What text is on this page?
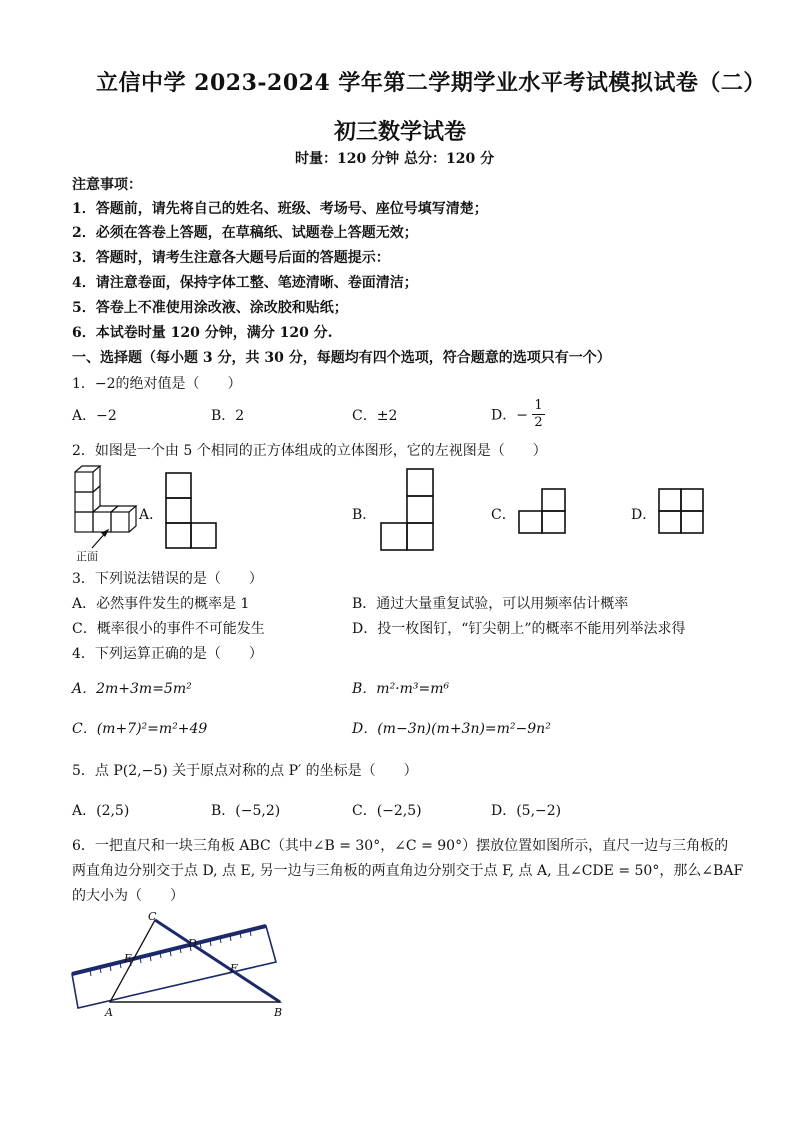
立信中学 2023-2024 学年第二学期学业水平考试模拟试卷（二）
初三数学试卷
时量：120 分钟 总分：120 分
注意事项：
1．答题前，请先将自己的姓名、班级、考场号、座位号填写清楚；
2．必须在答卷上答题，在草稿纸、试题卷上答题无效；
3．答题时，请考生注意各大题号后面的答题提示：
4．请注意卷面，保持字体工整、笔迹清晰、卷面清洁；
5．答卷上不准使用涂改液、涂改胶和贴纸；
6．本试卷时量 120 分钟，满分 120 分.
一、选择题（每小题 3 分，共 30 分，每题均有四个选项，符合题意的选项只有一个）
1．−2的绝对值是（　　）
A．−2	B．2	C．±2	D．− $\frac{1}{2}$
2．如图是一个由 5 个相同的正方体组成的立体图形，它的左视图是（　　）
正面
A．	B．	C．	D．
3．下列说法错误的是（　　）
A．必然事件发生的概率是 1	B．通过大量重复试验，可以用频率估计概率
C．概率很小的事件不可能发生	D．投一枚图钉，“钉尖朝上”的概率不能用列举法求得
4．下列运算正确的是（　　）
A．2m+3m=5m²	B．m²·m³=m⁶
C．(m+7)²=m²+49	D．(m−3n)(m+3n)=m²−9n²
5．点 P(2,−5) 关于原点对称的点 P′ 的坐标是（　　）
A．(2,5)	B．(−5,2)	C．(−2,5)	D．(5,−2)
6．一把直尺和一块三角板 ABC（其中∠B = 30°，∠C = 90°）摆放位置如图所示，直尺一边与三角板的
两直角边分别交于点 D, 点 E, 另一边与三角板的两直角边分别交于点 F, 点 A, 且∠CDE = 50°，那么∠BAF
的大小为（　　）
A	B
C
D
E
F
